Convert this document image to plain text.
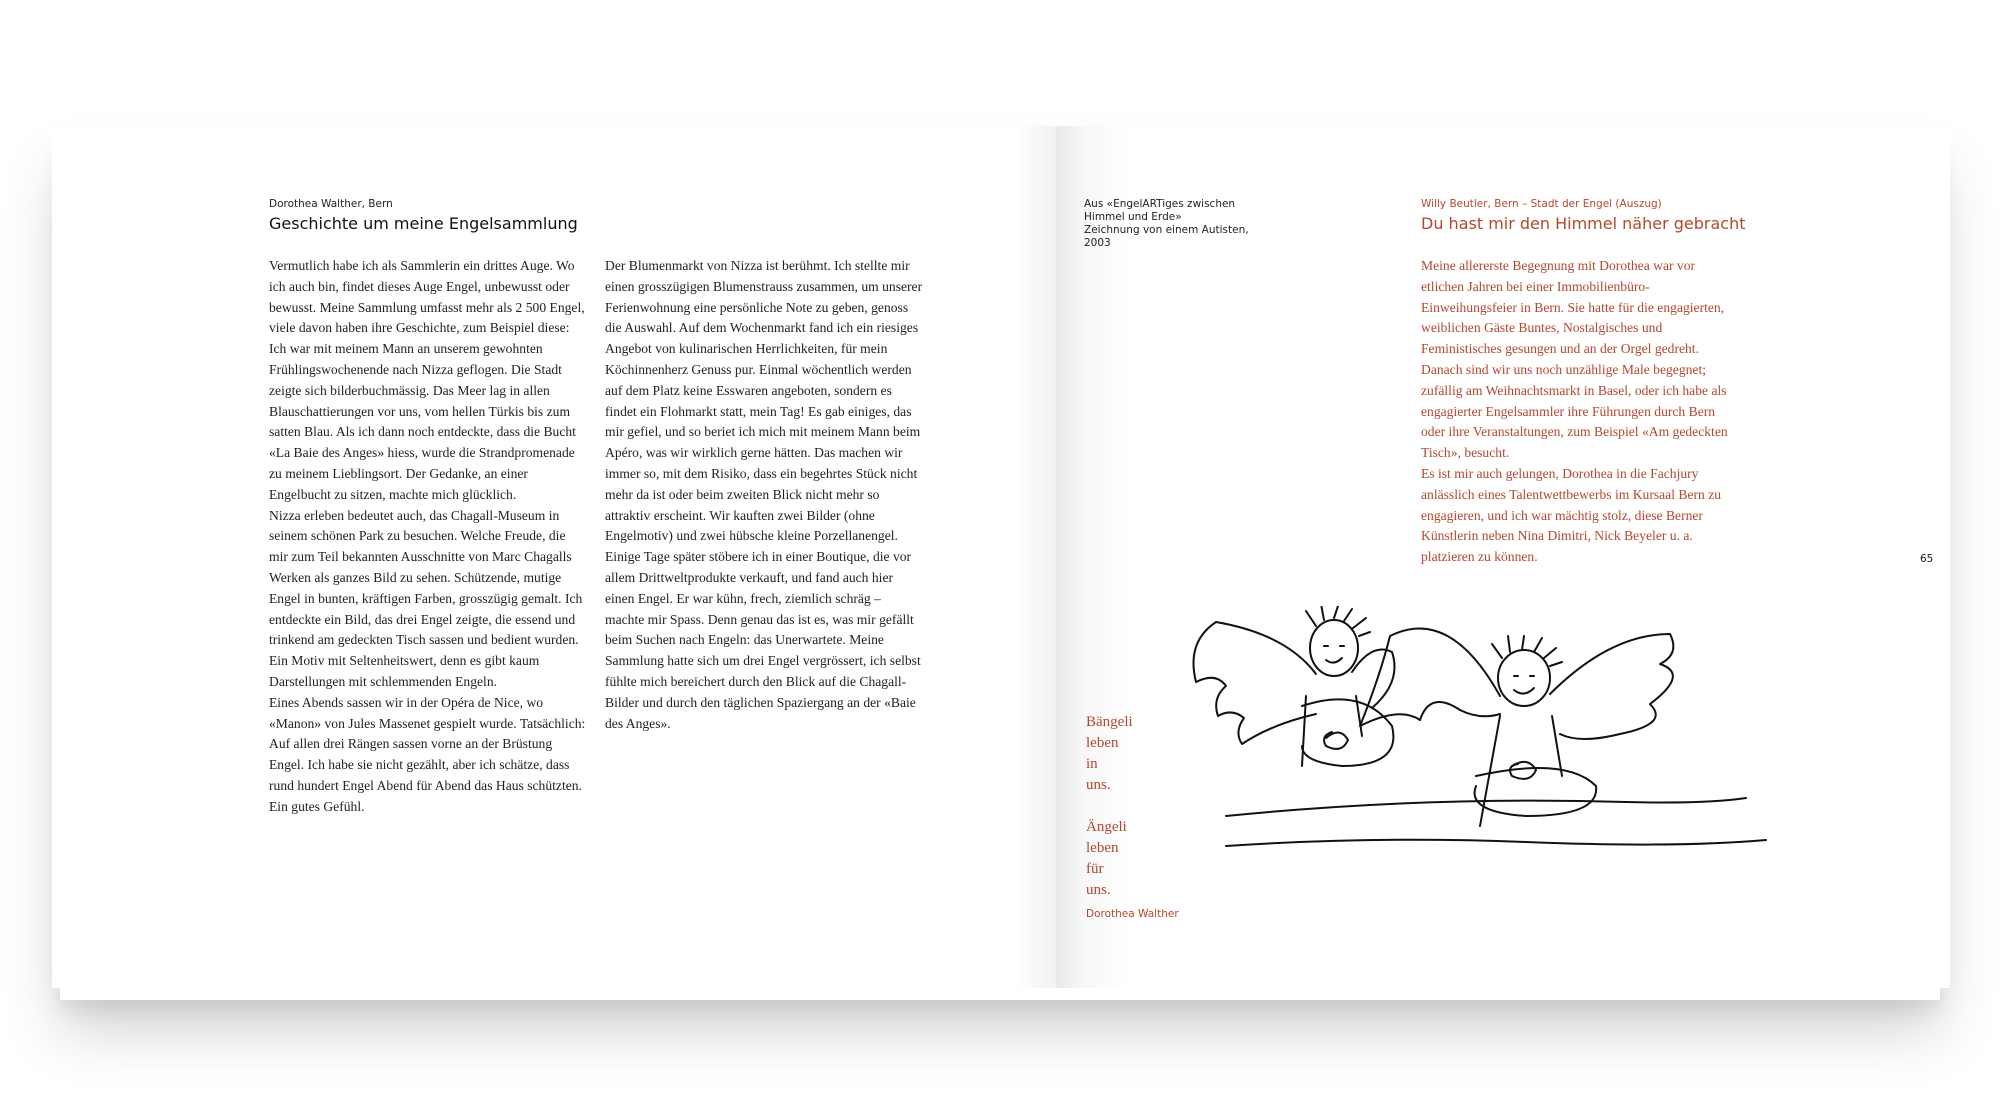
Dorothea Walther, Bern
Geschichte um meine Engelsammlung

Vermutlich habe ich als Sammlerin ein drittes Auge. Wo ich auch bin, findet dieses Auge Engel, unbewusst oder bewusst. Meine Sammlung umfasst mehr als 2 500 Engel, viele davon haben ihre Geschichte, zum Beispiel diese:

Ich war mit meinem Mann an unserem gewohnten Frühlingswochenende nach Nizza geflogen. Die Stadt zeigte sich bilderbuchmässig. Das Meer lag in allen Blauschattierungen vor uns, vom hellen Türkis bis zum satten Blau. Als ich dann noch entdeckte, dass die Bucht «La Baie des Anges» hiess, wurde die Strandpromenade zu meinem Lieblingsort. Der Gedanke, an einer Engelbucht zu sitzen, machte mich glücklich.

Nizza erleben bedeutet auch, das Chagall-Museum in seinem schönen Park zu besuchen. Welche Freude, die mir zum Teil bekannten Ausschnitte von Marc Chagalls Werken als ganzes Bild zu sehen. Schützende, mutige Engel in bunten, kräftigen Farben, grosszügig gemalt. Ich entdeckte ein Bild, das drei Engel zeigte, die essend und trinkend am gedeckten Tisch sassen und bedient wurden. Ein Motiv mit Seltenheitswert, denn es gibt kaum Darstellungen mit schlemmenden Engeln.

Eines Abends sassen wir in der Opéra de Nice, wo «Manon» von Jules Massenet gespielt wurde. Tatsächlich: Auf allen drei Rängen sassen vorne an der Brüstung Engel. Ich habe sie nicht gezählt, aber ich schätze, dass rund hundert Engel Abend für Abend das Haus schützten. Ein gutes Gefühl.

Der Blumenmarkt von Nizza ist berühmt. Ich stellte mir einen grosszügigen Blumenstrauss zusammen, um unserer Ferienwohnung eine persönliche Note zu geben, genoss die Auswahl. Auf dem Wochenmarkt fand ich ein riesiges Angebot von kulinarischen Herrlichkeiten, für mein Köchinnenherz Genuss pur. Einmal wöchentlich werden auf dem Platz keine Esswaren angeboten, sondern es findet ein Flohmarkt statt, mein Tag! Es gab einiges, das mir gefiel, und so beriet ich mich mit meinem Mann beim Apéro, was wir wirklich gerne hätten. Das machen wir immer so, mit dem Risiko, dass ein begehrtes Stück nicht mehr da ist oder beim zweiten Blick nicht mehr so attraktiv erscheint. Wir kauften zwei Bilder (ohne Engelmotiv) und zwei hübsche kleine Porzellanengel.

Einige Tage später stöbere ich in einer Boutique, die vor allem Drittweltprodukte verkauft, und fand auch hier einen Engel. Er war kühn, frech, ziemlich schräg – machte mir Spass. Denn genau das ist es, was mir gefällt beim Suchen nach Engeln: das Unerwartete. Meine Sammlung hatte sich um drei Engel vergrössert, ich selbst fühlte mich bereichert durch den Blick auf die Chagall-Bilder und durch den täglichen Spaziergang an der «Baie des Anges».

Aus «EngelARTiges zwischen
Himmel und Erde»
Zeichnung von einem Autisten,
2003
Willy Beutler, Bern – Stadt der Engel (Auszug)
Du hast mir den Himmel näher gebracht

Meine allererste Begegnung mit Dorothea war vor etlichen Jahren bei einer Immobilienbüro-Einweihungsfeier in Bern. Sie hatte für die engagierten, weiblichen Gäste Buntes, Nostalgisches und Feministisches gesungen und an der Orgel gedreht.

Danach sind wir uns noch unzählige Male begegnet; zufällig am Weihnachtsmarkt in Basel, oder ich habe als engagierter Engelsammler ihre Führungen durch Bern oder ihre Veranstaltungen, zum Beispiel «Am gedeckten Tisch», besucht.

Es ist mir auch gelungen, Dorothea in die Fachjury anlässlich eines Talentwettbewerbs im Kursaal Bern zu engagieren, und ich war mächtig stolz, diese Berner Künstlerin neben Nina Dimitri, Nick Beyeler u. a. platzieren zu können.	65
Bängeli
leben
in
uns.
Ängeli
leben
für
uns.
Dorothea Walther
